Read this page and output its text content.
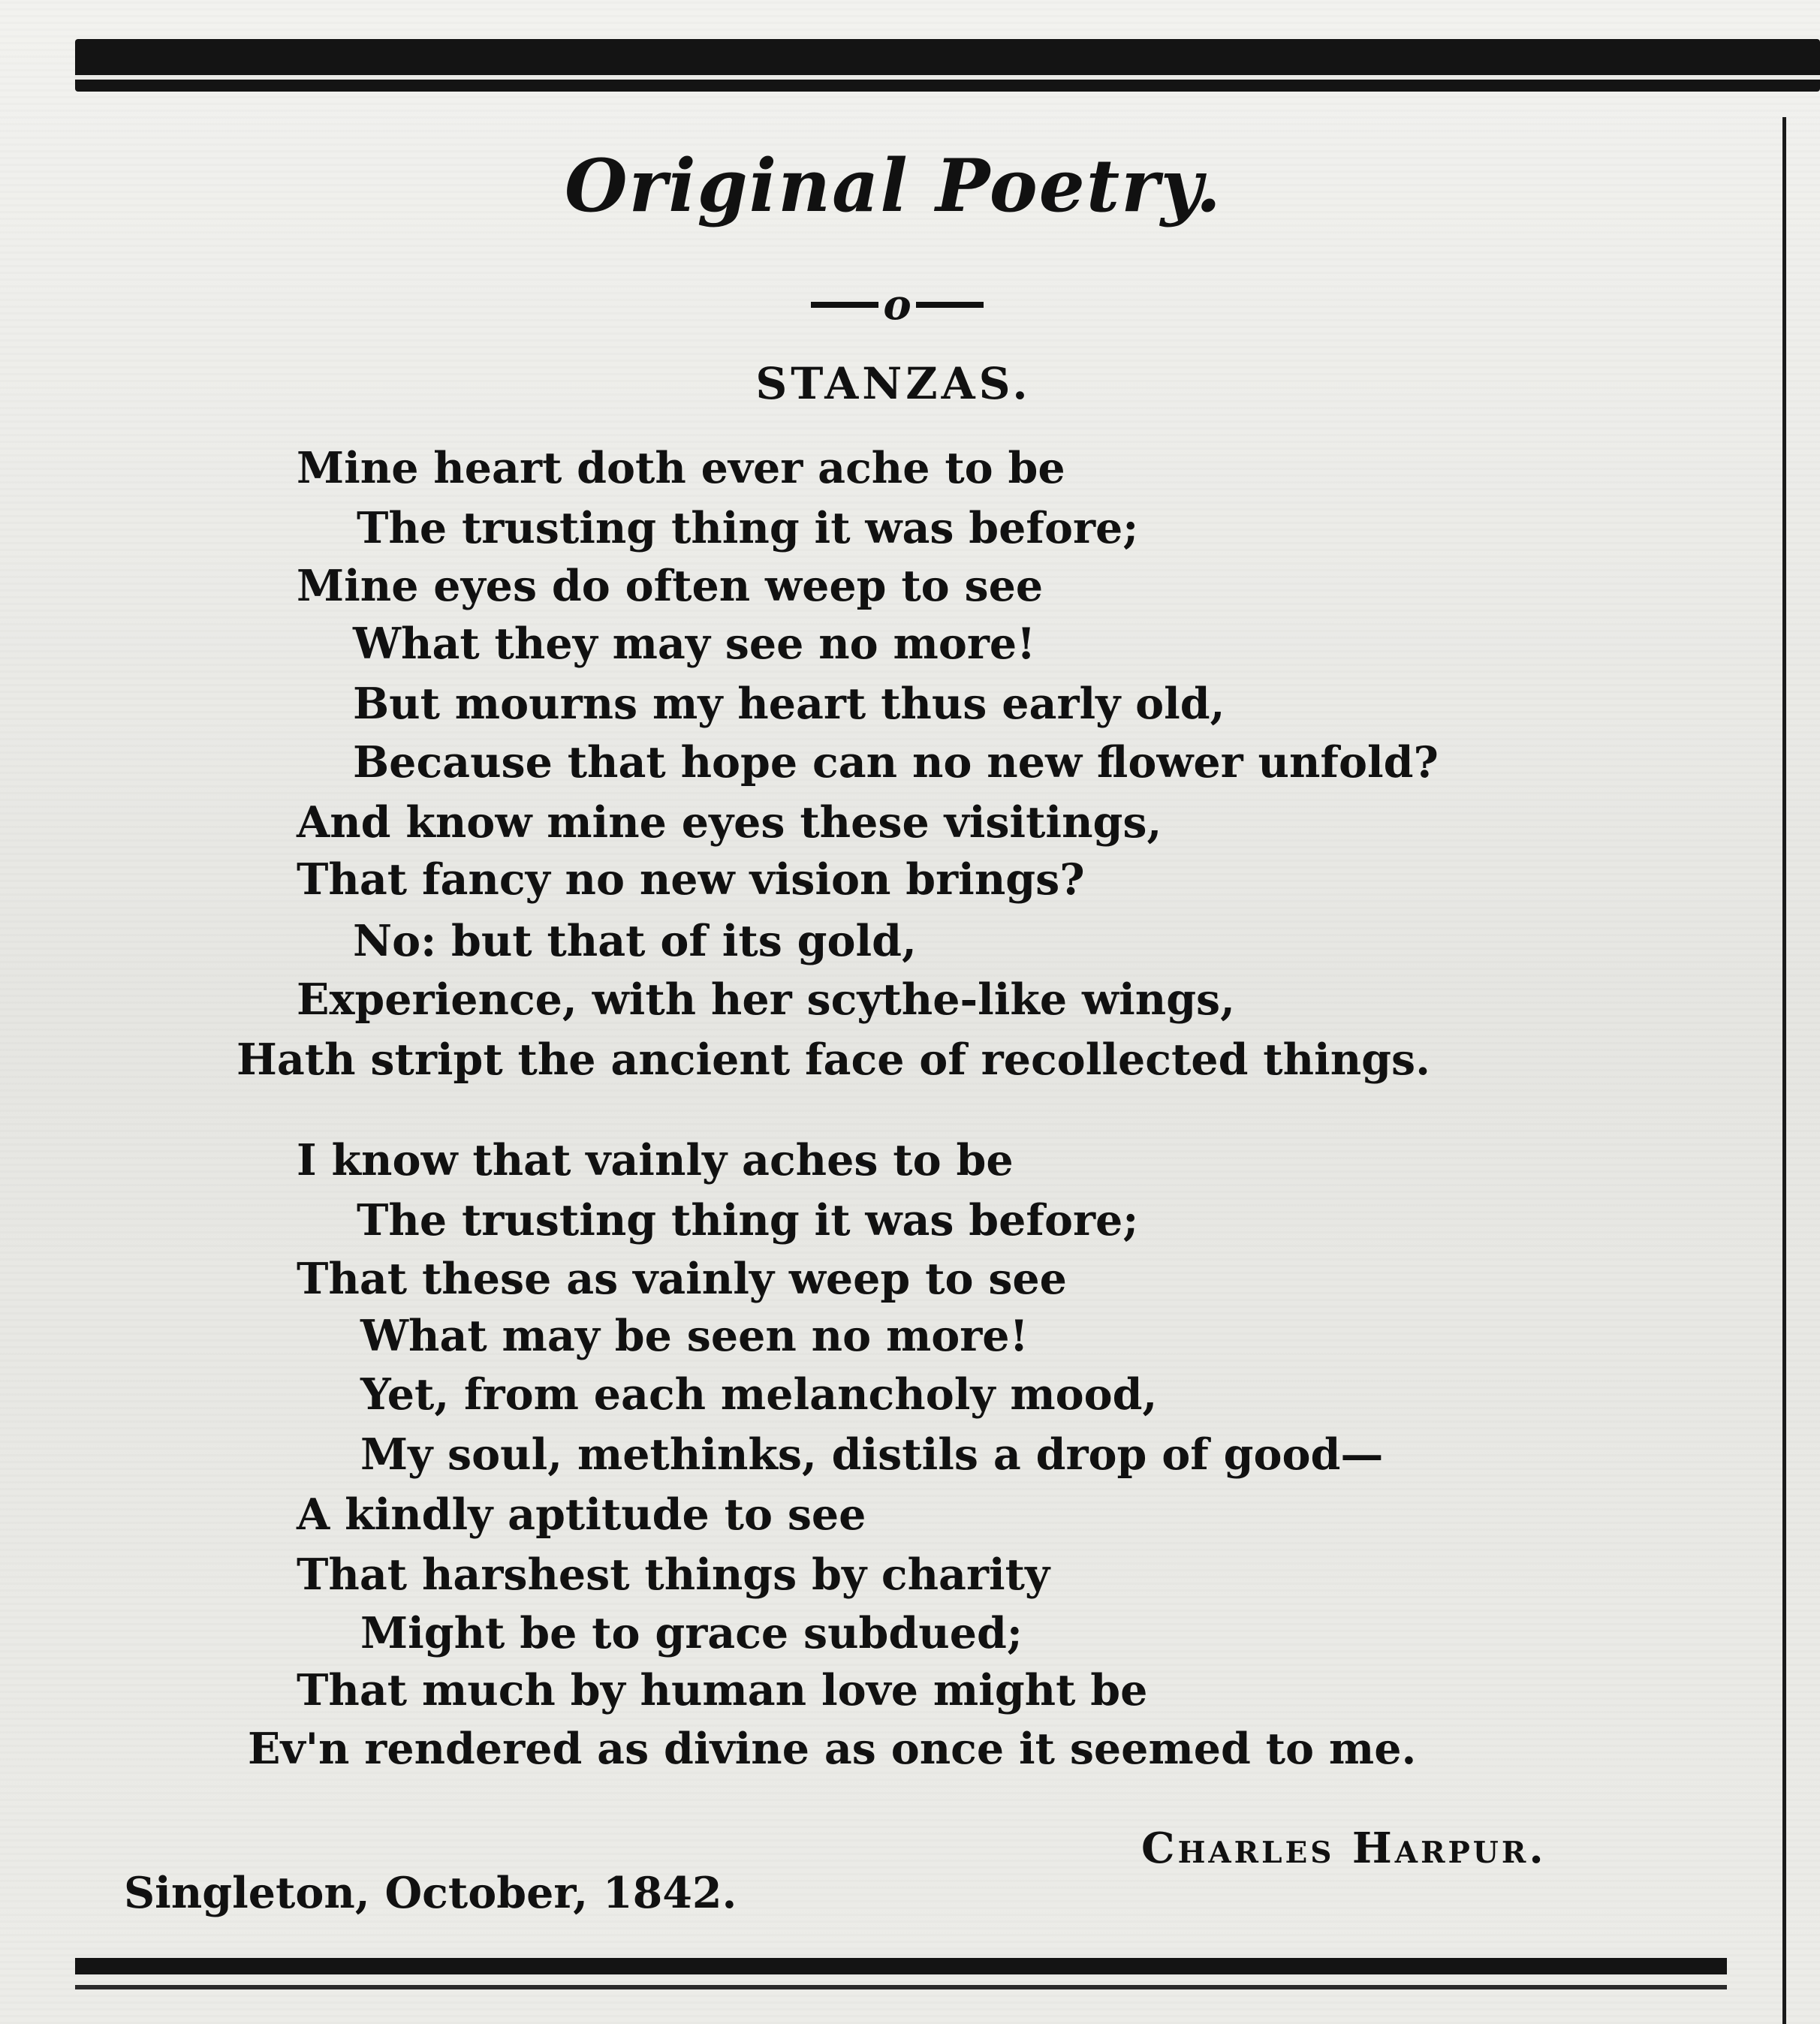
Original Poetry.
o
STANZAS.
Mine heart doth ever ache to be
The trusting thing it was before;
Mine eyes do often weep to see
What they may see no more!
But mourns my heart thus early old,
Because that hope can no new flower unfold?
And know mine eyes these visitings,
That fancy no new vision brings?
No: but that of its gold,
Experience, with her scythe-like wings,
Hath stript the ancient face of recollected things.
I know that vainly aches to be
The trusting thing it was before;
That these as vainly weep to see
What may be seen no more!
Yet, from each melancholy mood,
My soul, methinks, distils a drop of good—
A kindly aptitude to see
That harshest things by charity
Might be to grace subdued;
That much by human love might be
Ev'n rendered as divine as once it seemed to me.
Charles Harpur.
Singleton, October, 1842.
